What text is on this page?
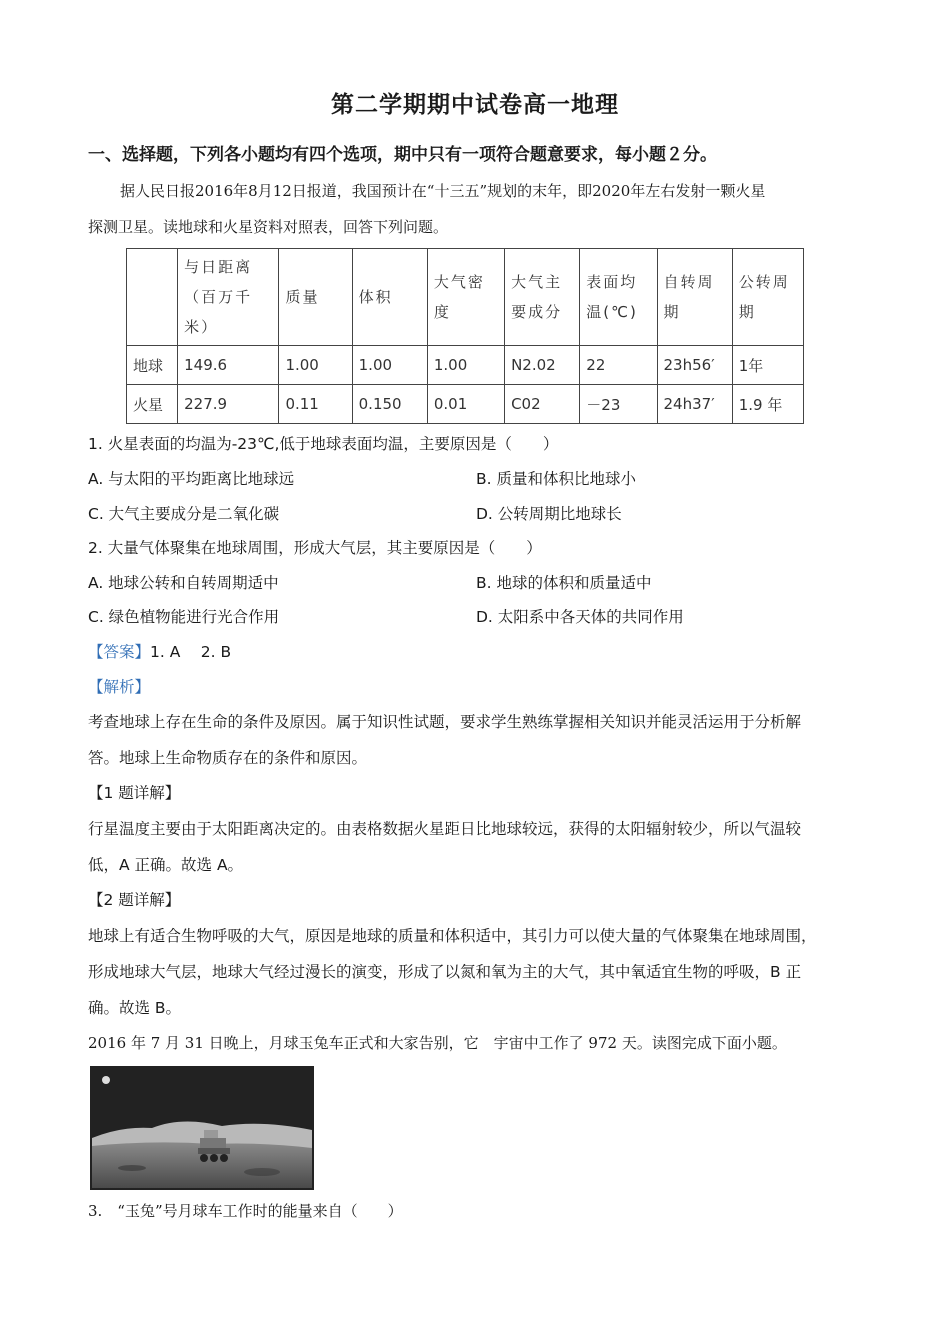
第二学期期中试卷高一地理
一、选择题，下列各小题均有四个选项，期中只有一项符合题意要求，每小题２分。
据人民日报2016年8月12日报道，我国预计在“十三五”规划的末年，即2020年左右发射一颗火星
探测卫星。读地球和火星资料对照表，回答下列问题。
	与日距离（百万千米）	质量	体积	大气密度	大气主要成分	表面均温(℃)	自转周期	公转周期
地球	149.6	1.00	1.00	1.00	N2.02	22	23h56′	1年
火星	227.9	0.11	0.150	0.01	C02	－23	24h37′	1.9 年
1. 火星表面的均温为-23℃,低于地球表面均温，主要原因是（　　）
A. 与太阳的平均距离比地球远	B. 质量和体积比地球小
C. 大气主要成分是二氧化碳	D. 公转周期比地球长
2. 大量气体聚集在地球周围，形成大气层，其主要原因是（　　）
A. 地球公转和自转周期适中	B. 地球的体积和质量适中
C. 绿色植物能进行光合作用	D. 太阳系中各天体的共同作用
【答案】1. A　 2. B
【解析】
考查地球上存在生命的条件及原因。属于知识性试题，要求学生熟练掌握相关知识并能灵活运用于分析解
答。地球上生命物质存在的条件和原因。
【1 题详解】
行星温度主要由于太阳距离决定的。由表格数据火星距日比地球较远，获得的太阳辐射较少，所以气温较
低，A 正确。故选 A。
【2 题详解】
地球上有适合生物呼吸的大气，原因是地球的质量和体积适中，其引力可以使大量的气体聚集在地球周围，
形成地球大气层，地球大气经过漫长的演变，形成了以氮和氧为主的大气，其中氧适宜生物的呼吸，B 正
确。故选 B。
2016 年 7 月 31 日晚上，月球玉兔车正式和大家告别，它　宇宙中工作了 972 天。读图完成下面小题。
3.　“玉兔”号月球车工作时的能量来自（　　）
